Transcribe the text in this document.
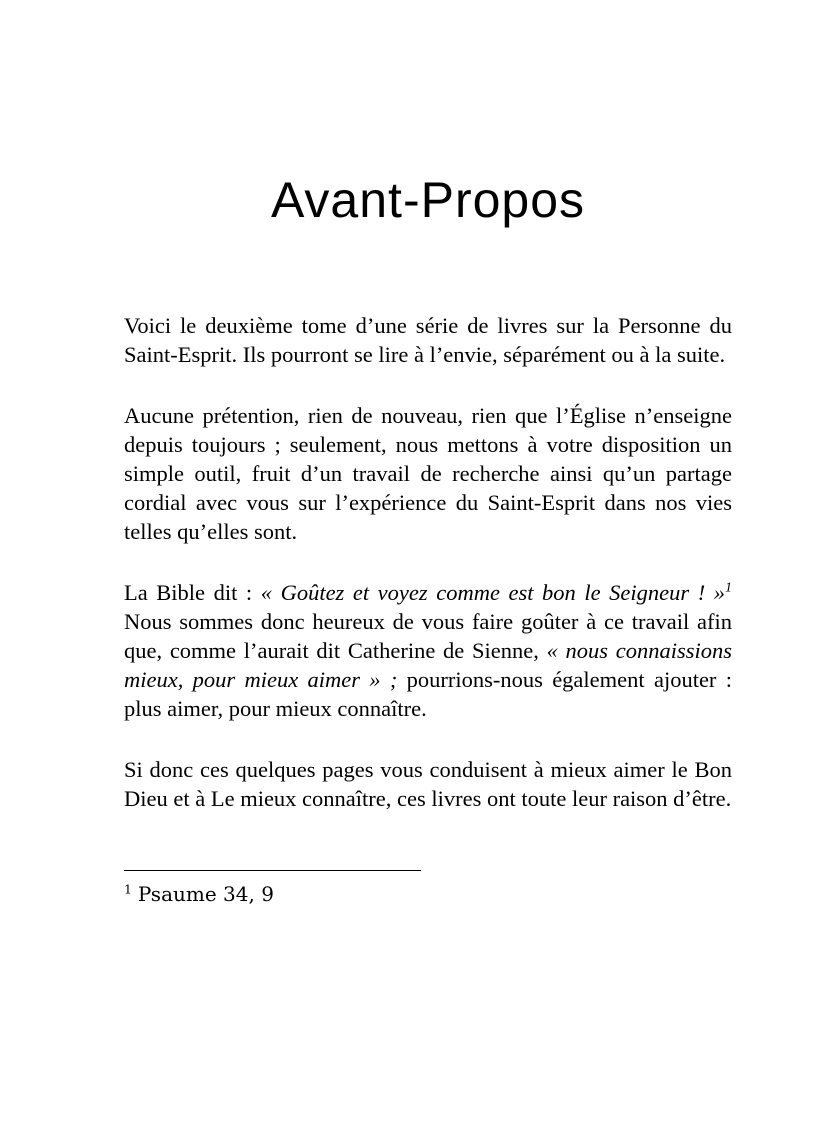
Avant-Propos

Voici le deuxième tome d’une série de livres sur la Personne du Saint-Esprit. Ils pourront se lire à l’envie, séparément ou à la suite.

Aucune prétention, rien de nouveau, rien que l’Église n’enseigne depuis toujours ; seulement, nous mettons à votre disposition un simple outil, fruit d’un travail de recherche ainsi qu’un partage cordial avec vous sur l’expérience du Saint-Esprit dans nos vies telles qu’elles sont.

La Bible dit : « Goûtez et voyez comme est bon le Seigneur ! »$^1$ Nous sommes donc heureux de vous faire goûter à ce travail afin que, comme l’aurait dit Catherine de Sienne, « nous connaissions mieux, pour mieux aimer » ; pourrions-nous également ajouter : plus aimer, pour mieux connaître.

Si donc ces quelques pages vous conduisent à mieux aimer le Bon Dieu et à Le mieux connaître, ces livres ont toute leur raison d’être.

$^1$ Psaume 34, 9
